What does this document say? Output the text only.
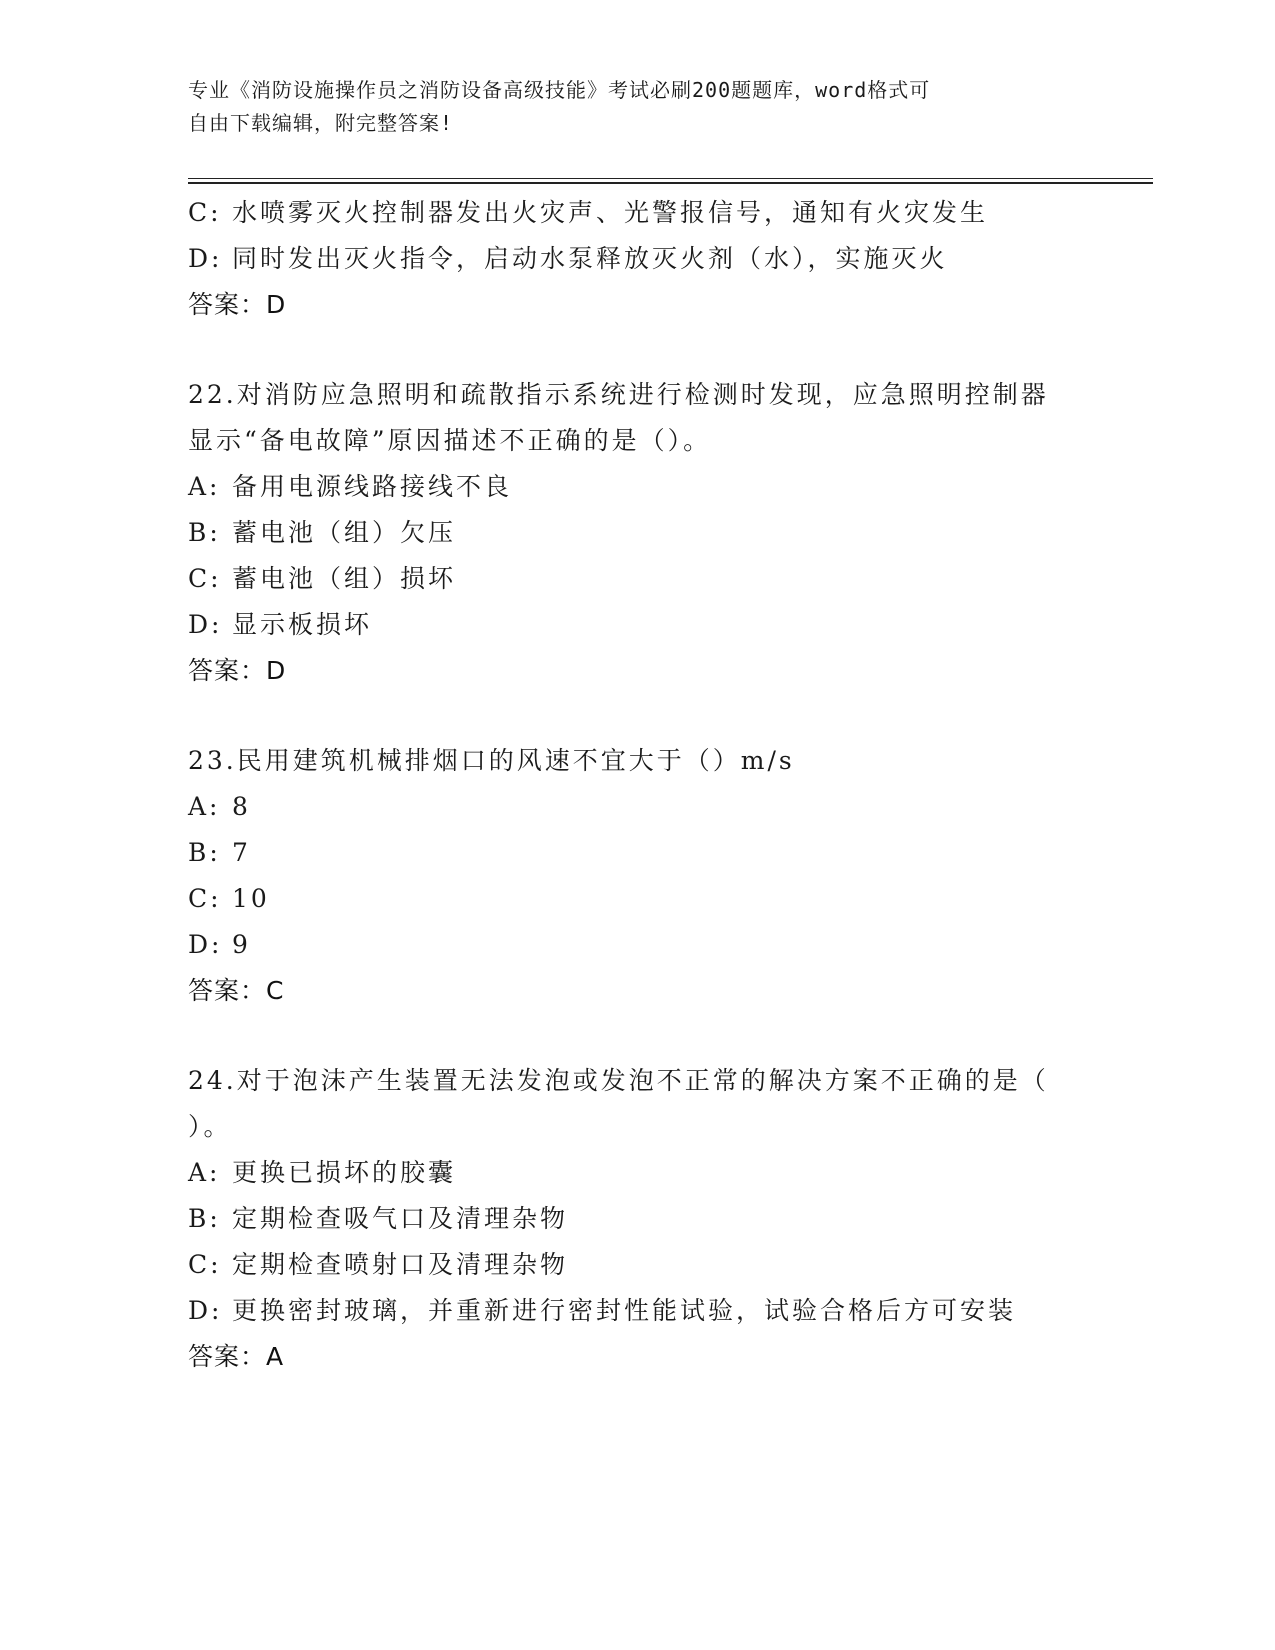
专业《消防设施操作员之消防设备高级技能》考试必刷200题题库，word格式可
自由下载编辑，附完整答案!
C: 水喷雾灭火控制器发出火灾声、光警报信号，通知有火灾发生
D: 同时发出灭火指令，启动水泵释放灭火剂（水），实施灭火
答案：D
22.对消防应急照明和疏散指示系统进行检测时发现，应急照明控制器
显示“备电故障”原因描述不正确的是（）。
A: 备用电源线路接线不良
B: 蓄电池（组）欠压
C: 蓄电池（组）损坏
D: 显示板损坏
答案：D
23.民用建筑机械排烟口的风速不宜大于（）m/s
A: 8
B: 7
C: 10
D: 9
答案：C
24.对于泡沫产生装置无法发泡或发泡不正常的解决方案不正确的是（
）。
A: 更换已损坏的胶囊
B: 定期检查吸气口及清理杂物
C: 定期检查喷射口及清理杂物
D: 更换密封玻璃，并重新进行密封性能试验，试验合格后方可安装
答案：A
